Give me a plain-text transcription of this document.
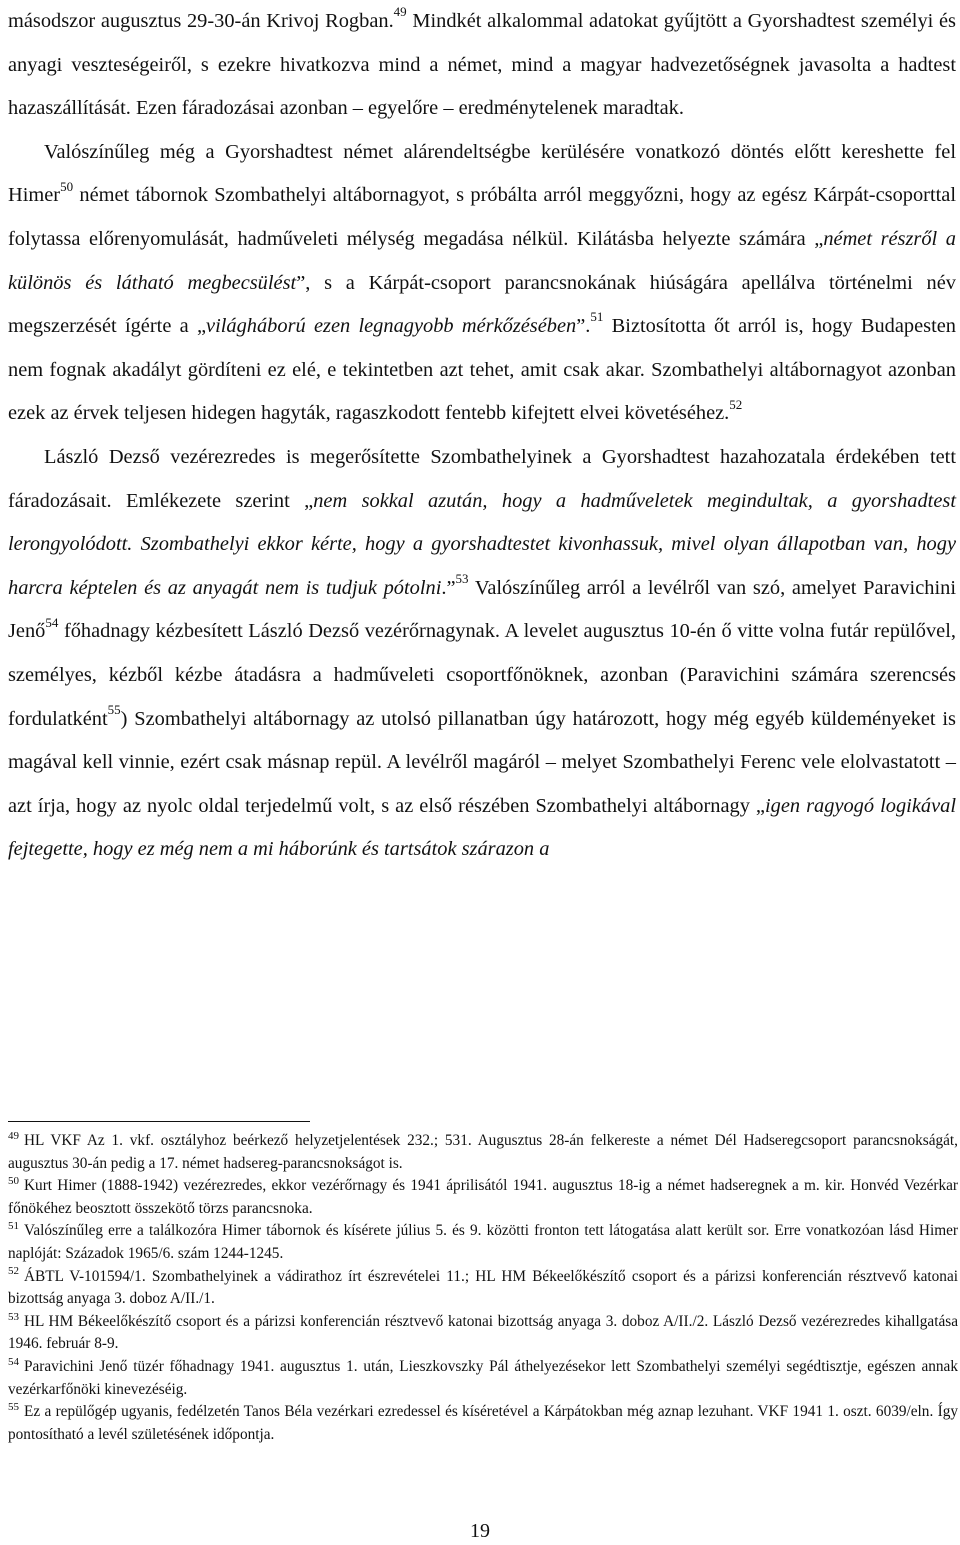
másodszor augusztus 29-30-án Krivoj Rogban.$^{49}$ Mindkét alkalommal adatokat gyűjtött a Gyorshadtest személyi és anyagi veszteségeiről, s ezekre hivatkozva mind a német, mind a magyar hadvezetőségnek javasolta a hadtest hazaszállítását. Ezen fáradozásai azonban – egyelőre – eredménytelenek maradtak.

Valószínűleg még a Gyorshadtest német alárendeltségbe kerülésére vonatkozó döntés előtt kereshette fel Himer$^{50}$ német tábornok Szombathelyi altábornagyot, s próbálta arról meggyőzni, hogy az egész Kárpát-csoporttal folytassa előrenyomulását, hadműveleti mélység megadása nélkül. Kilátásba helyezte számára „német részről a különös és látható megbecsülést”, s a Kárpát-csoport parancsnokának hiúságára apellálva történelmi név megszerzését ígérte a „világháború ezen legnagyobb mérkőzésében”.$^{51}$ Biztosította őt arról is, hogy Budapesten nem fognak akadályt gördíteni ez elé, e tekintetben azt tehet, amit csak akar. Szombathelyi altábornagyot azonban ezek az érvek teljesen hidegen hagyták, ragaszkodott fentebb kifejtett elvei követéséhez.$^{52}$

László Dezső vezérezredes is megerősítette Szombathelyinek a Gyorshadtest hazahozatala érdekében tett fáradozásait. Emlékezete szerint „nem sokkal azután, hogy a hadműveletek megindultak, a gyorshadtest lerongyolódott. Szombathelyi ekkor kérte, hogy a gyorshadtestet kivonhassuk, mivel olyan állapotban van, hogy harcra képtelen és az anyagát nem is tudjuk pótolni.”$^{53}$ Valószínűleg arról a levélről van szó, amelyet Paravichini Jenő$^{54}$ főhadnagy kézbesített László Dezső vezérőrnagynak. A levelet augusztus 10-én ő vitte volna futár repülővel, személyes, kézből kézbe átadásra a hadműveleti csoportfőnöknek, azonban (Paravichini számára szerencsés fordulatként$^{55}$) Szombathelyi altábornagy az utolsó pillanatban úgy határozott, hogy még egyéb küldeményeket is magával kell vinnie, ezért csak másnap repül. A levélről magáról – melyet Szombathelyi Ferenc vele elolvastatott – azt írja, hogy az nyolc oldal terjedelmű volt, s az első részében Szombathelyi altábornagy „igen ragyogó logikával fejtegette, hogy ez még nem a mi háborúnk és tartsátok szárazon a

$^{49}$ HL VKF Az 1. vkf. osztályhoz beérkező helyzetjelentések 232.; 531. Augusztus 28-án felkereste a német Dél Hadseregcsoport parancsnokságát, augusztus 30-án pedig a 17. német hadsereg-parancsnokságot is.

$^{50}$ Kurt Himer (1888-1942) vezérezredes, ekkor vezérőrnagy és 1941 áprilisától 1941. augusztus 18-ig a német hadseregnek a m. kir. Honvéd Vezérkar főnökéhez beosztott összekötő törzs parancsnoka.

$^{51}$ Valószínűleg erre a találkozóra Himer tábornok és kísérete július 5. és 9. közötti fronton tett látogatása alatt került sor. Erre vonatkozóan lásd Himer naplóját: Századok 1965/6. szám 1244-1245.

$^{52}$ ÁBTL V-101594/1. Szombathelyinek a vádirathoz írt észrevételei 11.; HL HM Békeelőkészítő csoport és a párizsi konferencián résztvevő katonai bizottság anyaga 3. doboz A/II./1.

$^{53}$ HL HM Békeelőkészítő csoport és a párizsi konferencián résztvevő katonai bizottság anyaga 3. doboz A/II./2. László Dezső vezérezredes kihallgatása 1946. február 8-9.

$^{54}$ Paravichini Jenő tüzér főhadnagy 1941. augusztus 1. után, Lieszkovszky Pál áthelyezésekor lett Szombathelyi személyi segédtisztje, egészen annak vezérkarfőnöki kinevezéséig.

$^{55}$ Ez a repülőgép ugyanis, fedélzetén Tanos Béla vezérkari ezredessel és kíséretével a Kárpátokban még aznap lezuhant. VKF 1941 1. oszt. 6039/eln. Így pontosítható a levél születésének időpontja.

19
